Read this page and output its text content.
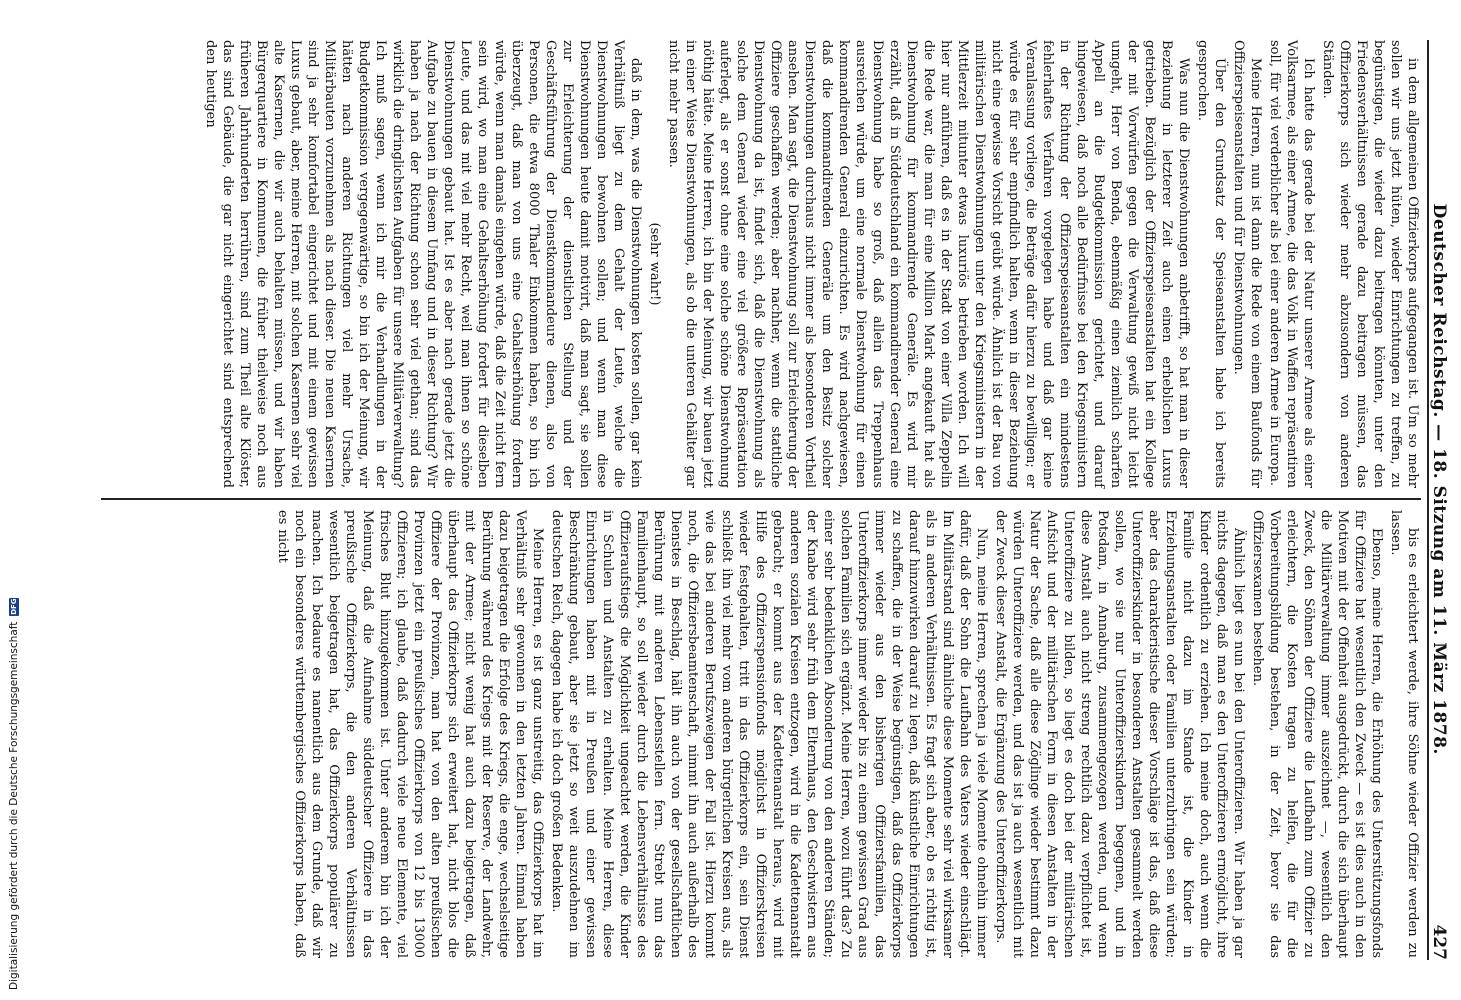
Deutscher Reichstag. — 18. Sitzung am 11. März 1878.
427

in dem allgemeinen Offizierkorps aufgegangen ist. Um so mehr sollen wir uns jetzt hüten, wieder Einrichtungen zu treffen, zu begünstigen, die wieder dazu beitragen könnten, unter den Friedensverhältnissen gerade dazu beitragen müssen, das Offizierkorps sich wieder mehr abzusondern von anderen Ständen.

Ich hatte das gerade bei der Natur unserer Armee als einer Volksarmee, als einer Armee, die das Volk in Waffen repräsentiren soll, für viel verderblicher als bei einer anderen Armee in Europa.

Meine Herren, nun ist dann die Rede von einem Baufonds für Offizierspeiseanstalten und für Dienstwohnungen.

Über den Grundsatz der Speiseanstalten habe ich bereits gesprochen.

Was nun die Dienstwohnungen anbetrifft, so hat man in dieser Beziehung in letzterer Zeit auch einen erheblichen Luxus getrieben. Bezüglich der Offizierspeiseanstalten hat ein Kollege der mit Vorwürfen gegen die Verwaltung gewiß nicht leicht umgeht, Herr von Benda, ebenmäßig einen ziemlich scharfen Appell an die Budgetkommission gerichtet, und darauf hingewiesen, daß noch alle Bedürfnisse bei den Kriegsministern in der Richtung der Offizierspeiseanstalten ein mindestens fehlerhaftes Verfahren vorgelegen habe und daß gar keine Veranlassung vorliege, die Beträge dafür hierzu zu bewilligen; er würde es für sehr empfindlich halten, wenn in dieser Beziehung nicht eine gewisse Vorsicht geübt würde. Ähnlich ist der Bau von militärischen Dienstwohnungen unter den Kriegsministern in der Mittlerzeit mitunter etwas luxuriös betrieben worden. Ich will hier nur anführen, daß es in der Stadt von einer Villa Zeppelin die Rede war, die man für eine Million Mark angekauft hat als Dienstwohnung für kommandirende Generäle. Es wird mir erzählt, daß in Süddeutschland ein kommandirender General eine Dienstwohnung habe so groß, daß allein das Treppenhaus ausreichen würde, um eine normale Dienstwohnung für einen kommandirenden General einzurichten. Es wird nachgewiesen, daß die kommandirenden Generäle um den Besitz solcher Dienstwohnungen durchaus nicht immer als besonderen Vortheil ansehen. Man sagt, die Dienstwohnung soll zur Erleichterung der Offiziere geschaffen werden; aber nachher, wenn die stattliche Dienstwohnung da ist, findet sich, daß die Dienstwohnung als solche dem General wieder eine viel größere Repräsentation auferlegt, als er sonst ohne eine solche schöne Dienstwohnung nöthig hätte. Meine Herren, ich bin der Meinung, wir bauen jetzt in einer Weise Dienstwohnungen, als ob die unteren Gehälter gar nicht mehr passen.

(sehr wahr!)

daß in dem, was die Dienstwohnungen kosten sollen, gar kein Verhältniß liegt zu dem Gehalt der Leute, welche die Dienstwohnungen bewohnen sollen; und wenn man diese Dienstwohnungen heute damit motivirt, daß man sagt, sie sollen zur Erleichterung der dienstlichen Stellung und der Geschäftsführung der Dienstkommandeure dienen, also von Personen, die etwa 8000 Thaler Einkommen haben, so bin ich überzeugt, daß man von uns eine Gehaltserhöhung fordern würde, wenn man damals eingehen würde, daß die Zeit nicht fern sein wird, wo man eine Gehaltserhöhung fordert für dieselben Leute, und das mit viel mehr Recht, weil man ihnen so schöne Dienstwohnungen gebaut hat. Ist es aber nach gerade jetzt die Aufgabe zu bauen in diesem Umfang und in dieser Richtung? Wir haben ja nach der Richtung schon sehr viel gethan; sind das wirklich die dringlichsten Aufgaben für unsere Militärverwaltung? Ich muß sagen, wenn ich mir die Verhandlungen in der Budgetkommission vergegenwärtige, so bin ich der Meinung, wir hätten nach anderen Richtungen viel mehr Ursache, Militärbauten vorzunehmen als nach dieser. Die neuen Kasernen sind ja sehr komfortabel eingerichtet und mit einem gewissen Luxus gebaut, aber, meine Herren, mit solchen Kasernen sehr viel alte Kasernen, die wir auch behalten müssen, und wir haben Bürgerquartiere in Kommunen, die früher theilweise noch aus früheren Jahrhunderten herrühren, sind zum Theil alte Klöster, das sind Gebäude, die gar nicht eingerichtet sind entsprechend den heutigen

bis es erleichtert werde, ihre Söhne wieder Offizier werden zu lassen.

Ebenso, meine Herren, die Erhöhung des Unterstützungsfonds für Offiziere hat wesentlich den Zweck — es ist dies auch in den Motiven mit der Offenheit ausgedrückt, durch die sich überhaupt die Militärverwaltung immer auszeichnet —, wesentlich den Zweck, den Söhnen der Offiziere die Laufbahn zum Offizier zu erleichtern, die Kosten tragen zu helfen, die für die Vorbereitungsbildung bestehen, in der Zeit, bevor sie das Offiziersexamen bestehen.

Ähnlich liegt es nun bei den Unteroffizieren. Wir haben ja gar nichts dagegen, daß man es den Unteroffizieren ermöglicht, ihre Kinder ordentlich zu erziehen. Ich meine doch, auch wenn die Familie nicht dazu im Stande ist, die Kinder in Erziehungsanstalten oder Familien unterzubringen sein würden; aber das charakteristische dieser Vorschläge ist das, daß diese Unteroffizierskinder in besonderen Anstalten gesammelt werden sollen, wo sie nur Unteroffizierskindern begegnen, und in Potsdam, in Annaburg, zusammengezogen werden, und wenn diese Anstalt auch nicht streng rechtlich dazu verpflichtet ist, Unteroffiziere zu bilden, so liegt es doch bei der militärischen Aufsicht und der militärischen Form in diesen Anstalten in der Natur der Sache, daß alle diese Zöglinge wieder bestimmt dazu würden Unteroffiziere werden, und das ist ja auch wesentlich mit der Zweck dieser Anstalt, die Ergänzung des Unteroffizierkorps.

Nun, meine Herren, sprechen ja viele Momente ohnehin immer dafür, daß der Sohn die Laufbahn des Vaters wieder einschlägt. Im Militärstand sind ähnliche diese Momente sehr viel wirksamer als in anderen Verhältnissen. Es fragt sich aber, ob es richtig ist, darauf hinzuwirken darauf zu legen, daß künstliche Einrichtungen zu schaffen, die in der Weise begünstigen, daß das Offizierkorps immer wieder aus den bisherigen Offiziersfamilien, das Unteroffizierkorps immer wieder bis zu einem gewissen Grad aus solchen Familien sich ergänzt. Meine Herren, wozu führt das? Zu einer sehr bedenklichen Absonderung von den anderen Ständen; der Knabe wird sehr früh dem Elternhaus, den Geschwistern aus anderen sozialen Kreisen entzogen, wird in die Kadettenanstalt gebracht; er kommt aus der Kadettenanstalt heraus, wird mit Hilfe des Offizierspensionfonds möglichst in Offizierskreisen wieder festgehalten, tritt in das Offizierkorps ein, sein Dienst schließt ihn viel mehr vom anderen bürgerlichen Kreisen aus, als wie das bei anderen Berufszweigen der Fall ist. Hierzu kommt noch, die Offiziersbeamtenschaft, nimmt ihn auch außerhalb des Dienstes in Beschlag, hält ihn auch von der gesellschaftlichen Berührung mit anderen Lebensstellen fern. Strebt nun das Familienhaupt, so soll wieder durch die Lebensverhältnisse des Offizieraufstiegs die Möglichkeit ungeachtet werden, die Kinder in Schulen und Anstalten zu erhalten. Meine Herren, diese Einrichtungen haben mit in Preußen und einer gewissen Beschränkung gebaut, aber sie jetzt so weit auszudehnen im deutschen Reich, dagegen habe ich doch großen Bedenken.

Meine Herren, es ist ganz unstreitig, das Offizierkorps hat im Verhältniß sehr gewonnen in den letzten Jahren. Einmal haben dazu beigetragen die Erfolge des Kriegs, die enge, wechselseitige Berührung während des Kriegs mit der Reserve, der Landwehr, mit der Armee; nicht wenig hat auch dazu beigetragen, daß überhaupt das Offizierkorps sich erweitert hat, nicht blos die Offiziere der Provinzen, man hat von den alten preußischen Provinzen jetzt ein preußisches Offizierkorps von 12 bis 13000 Offizieren; ich glaube, daß dadurch viele neue Elemente, viel frisches Blut hinzugekommen ist. Unter anderem bin ich der Meinung, daß die Aufnahme süddeutscher Offiziere in das preußische Offizierkorps, die den anderen Verhältnissen wesentlich beigetragen hat, das Offizierkorps populärer zu machen. Ich bedaure es namentlich aus dem Grunde, daß wir noch ein besonderes württembergisches Offizierkorps haben, daß es nicht

Digitalisierung gefördert durch die Deutsche Forschungsgemeinschaft
DFG
